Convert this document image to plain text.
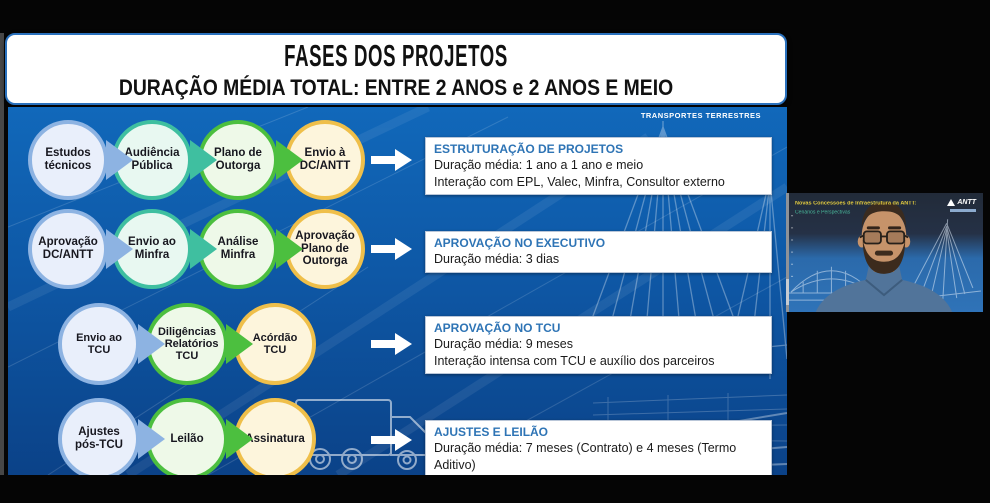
FASES DOS PROJETOS
DURAÇÃO MÉDIA TOTAL: ENTRE 2 ANOS e 2 ANOS E MEIO
TRANSPORTES TERRESTRES
Estudos técnicos
Audiência Pública
Plano de Outorga
Envio à DC/ANTT
Aprovação DC/ANTT
Envio ao Minfra
Análise Minfra
Aprovação Plano de Outorga
Envio ao TCU
Diligências e Relatórios TCU
Acórdão TCU
Ajustes pós-TCU
Leilão	Assinatura
ESTRUTURAÇÃO DE PROJETOS
Duração média: 1 ano a 1 ano e meio
Interação com EPL, Valec, Minfra, Consultor externo
APROVAÇÃO NO EXECUTIVO
Duração média: 3 dias
APROVAÇÃO NO TCU
Duração média: 9 meses
Interação intensa com TCU e auxílio dos parceiros
AJUSTES E LEILÃO
Duração média: 7 meses (Contrato) e 4 meses (Termo Aditivo)
Novas Concessões de Infraestrutura da ANTT:
Cenários e Perspectivas
ANTT
